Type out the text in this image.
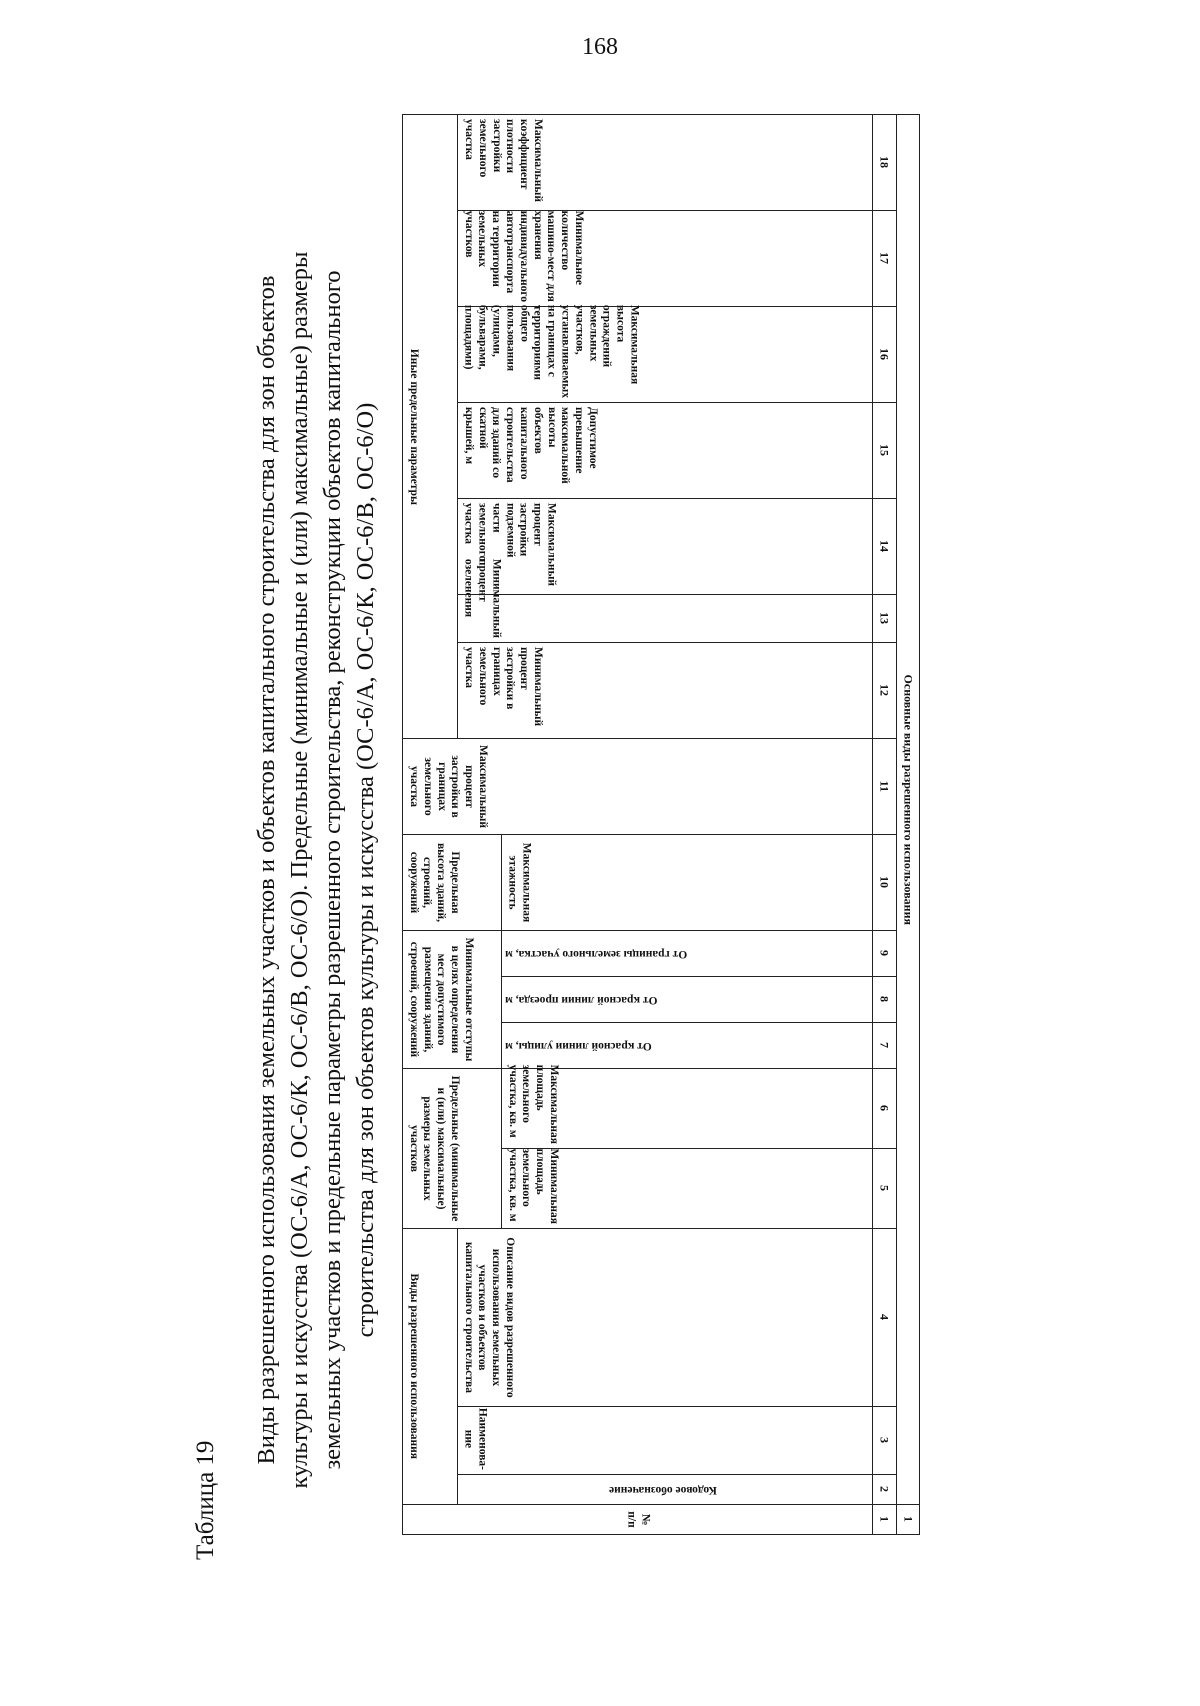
168
Таблица 19
Виды разрешенного использования земельных участков и объектов капитального строительства для зон объектов культуры и искусства (ОС-6/А, ОС-6/К, ОС-6/В, ОС-6/О). Предельные (минимальные и (или) максимальные) размеры земельных участков и предельные параметры разрешенного строительства, реконструкции объектов капитального строительства для зон объектов культуры и искусства (ОС-6/А, ОС-6/К, ОС-6/В, ОС-6/О)
№ п/п	Виды разрешенного использования			Предельные (минимальные и (или) максимальные) размеры земельных участков		Минимальные отступы в целях определения мест допустимого размещения зданий, строений, сооружений			Предельная высота зданий, строений, сооружений	Максимальный процент застройки в границах земельного участка	Иные предельные параметры						
	Кодовое обозначение	Наименова-ние	Описание видов разрешенного использования земельных участков и объектов капитального строительства								Минимальный процент застройки в границах земельного участка	Минимальный процент озеленения	Максимальный процент застройки подземной части земельного участка	Допустимое превышение максимальной высоты объектов капитального строительства для зданий со скатной крышей, м	Максимальная высота ограждений земельных участков, устанавливаемых на границах с территориями общего пользования (улицами, бульварами, площадями)	Минимальное количество машино-мест для хранения индивидуального автотранспорта на территории земельных участков	Максимальный коэффициент плотности застройки земельного участка
				Минимальная площадь земельного участка, кв. м	Максимальная площадь земельного участка, кв. м	От красной линии улицы, м	От красной линии проезда, м	От границы земельного участка, м	Максимальная этажность								
1	2	3	4	5	6	7	8	9	10	11	12	13	14	15	16	17	18
1	Основные виды разрешенного использования																
